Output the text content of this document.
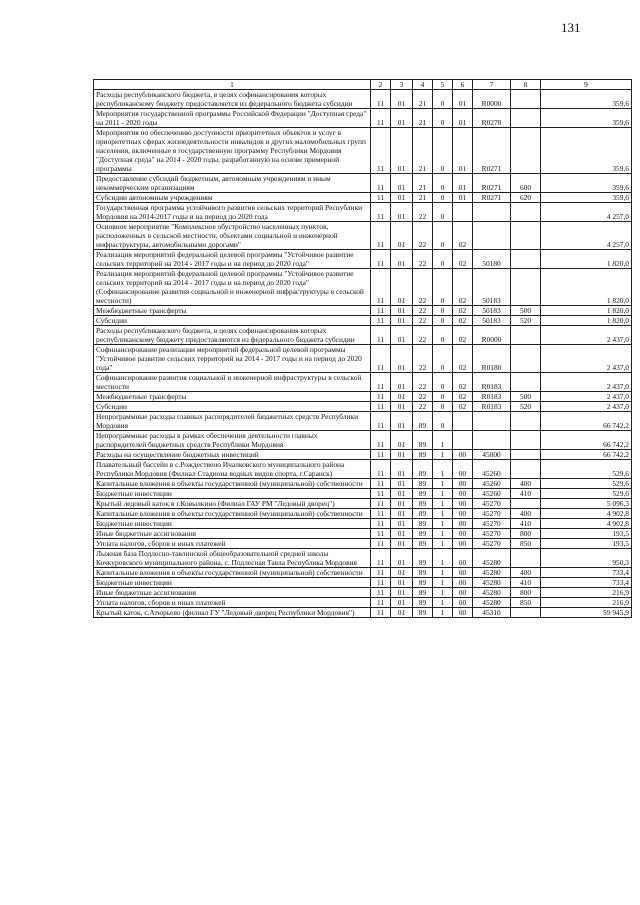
131
1	2	3	4	5	6	7	8	9
Расходы республиканского бюджета, в целях софинансирования которых республиканскому бюджету предоставляется из федерального бюджета субсидии	11	01	21	0	01	R0000		359,6
Мероприятия государственной программы Российской Федерации "Доступная среда" на 2011 - 2020 годы	11	01	21	0	01	R0270		359,6
Мероприятия по обеспечению доступности приоритетных объектов и услуг в приоритетных сферах жизнедеятельности инвалидов и других маломобильных групп населения, включенные в государственную программу Республики Мордовия "Доступная среда" на 2014 - 2020 годы, разработанную на основе примерной программы	11	01	21	0	01	R0271		359,6
Предоставление субсидий бюджетным, автономным учреждениям и иным некоммерческим организациям	11	01	21	0	01	R0271	600	359,6
Субсидии автономным учреждениям	11	01	21	0	01	R0271	620	359,6
Государственная программа устойчивого развития сельских территорий Республики Мордовия на 2014-2017 годы и на период до 2020 года	11	01	22	0				4 257,0
Основное мероприятие "Комплексное обустройство населенных пунктов, расположенных в сельской местности, объектами социальной и инженерной инфраструктуры, автомобильными дорогами"	11	01	22	0	02			4 257,0
Реализация мероприятий федеральной целевой программы "Устойчивое развитие сельских территорий на 2014 - 2017 годы и на период до 2020 года"	11	01	22	0	02	50180		1 820,0
Реализация мероприятий федеральной целевой программы "Устойчивое развитие сельских территорий на 2014 - 2017 годы и на период до 2020 года" (Софинансирование развития социальной и инженерной инфраструктуры в сельской местности)	11	01	22	0	02	50183		1 820,0
Межбюджетные трансферты	11	01	22	0	02	50183	500	1 820,0
Субсидии	11	01	22	0	02	50183	520	1 820,0
Расходы республиканского бюджета, в целях софинансирования которых республиканскому бюджету предоставляются из федерального бюджета субсидии	11	01	22	0	02	R0000		2 437,0
Софинансирование реализации мероприятий федеральной целевой программы "Устойчивое развитие сельских территорий на 2014 - 2017 годы и на период до 2020 года"	11	01	22	0	02	R0180		2 437,0
Софинансирование развития социальной и инженерной инфраструктуры в сельской местности	11	01	22	0	02	R0183		2 437,0
Межбюджетные трансферты	11	01	22	0	02	R0183	500	2 437,0
Субсидии	11	01	22	0	02	R0183	520	2 437,0
Непрограммные расходы главных распорядителей бюджетных средств Республики Мордовия	11	01	89	0				66 742,2
Непрограммные расходы в рамках обеспечения деятельности главных распорядителей бюджетных средств Республики Мордовия	11	01	89	1				66 742,2
Расходы на осуществление бюджетных инвестиций	11	01	89	1	00	45000		66 742,2
Плавательный бассейн в с.Рождествено Ичалковского муниципального района Республики Мордовия (Филиал Стадиона водных видов спорта, г.Саранск)	11	01	89	1	00	45260		529,6
Капитальные вложения в объекты государственной (муниципальной) собственности	11	01	89	1	00	45260	400	529,6
Бюджетные инвестиции	11	01	89	1	00	45260	410	529,6
Крытый ледовый каток в г.Ковылкино (Филиал ГАУ РМ "Ледовый дворец")	11	01	89	1	00	45270		5 096,3
Капитальные вложения в объекты государственной (муниципальной) собственности	11	01	89	1	00	45270	400	4 902,8
Бюджетные инвестиции	11	01	89	1	00	45270	410	4 902,8
Иные бюджетные ассигнования	11	01	89	1	00	45270	800	193,5
Уплата налогов, сборов и иных платежей	11	01	89	1	00	45270	850	193,5
Лыжная база Подлесно-тавлинской общеобразовательной средней школы Кочкуровского муниципального района, с. Подлесная Тавла Республика Мордовия	11	01	89	1	00	45280		950,3
Капитальные вложения в объекты государственной (муниципальной) собственности	11	01	89	1	00	45280	400	733,4
Бюджетные инвестиции	11	01	89	1	00	45280	410	733,4
Иные бюджетные ассигнования	11	01	89	1	00	45280	800	216,9
Уплата налогов, сборов и иных платежей	11	01	89	1	00	45280	850	216,9
Крытый каток, с.Атюрьево (филиал ГУ "Ледовый дворец Республики Мордовия")	11	01	89	1	00	45310		59 945,9
